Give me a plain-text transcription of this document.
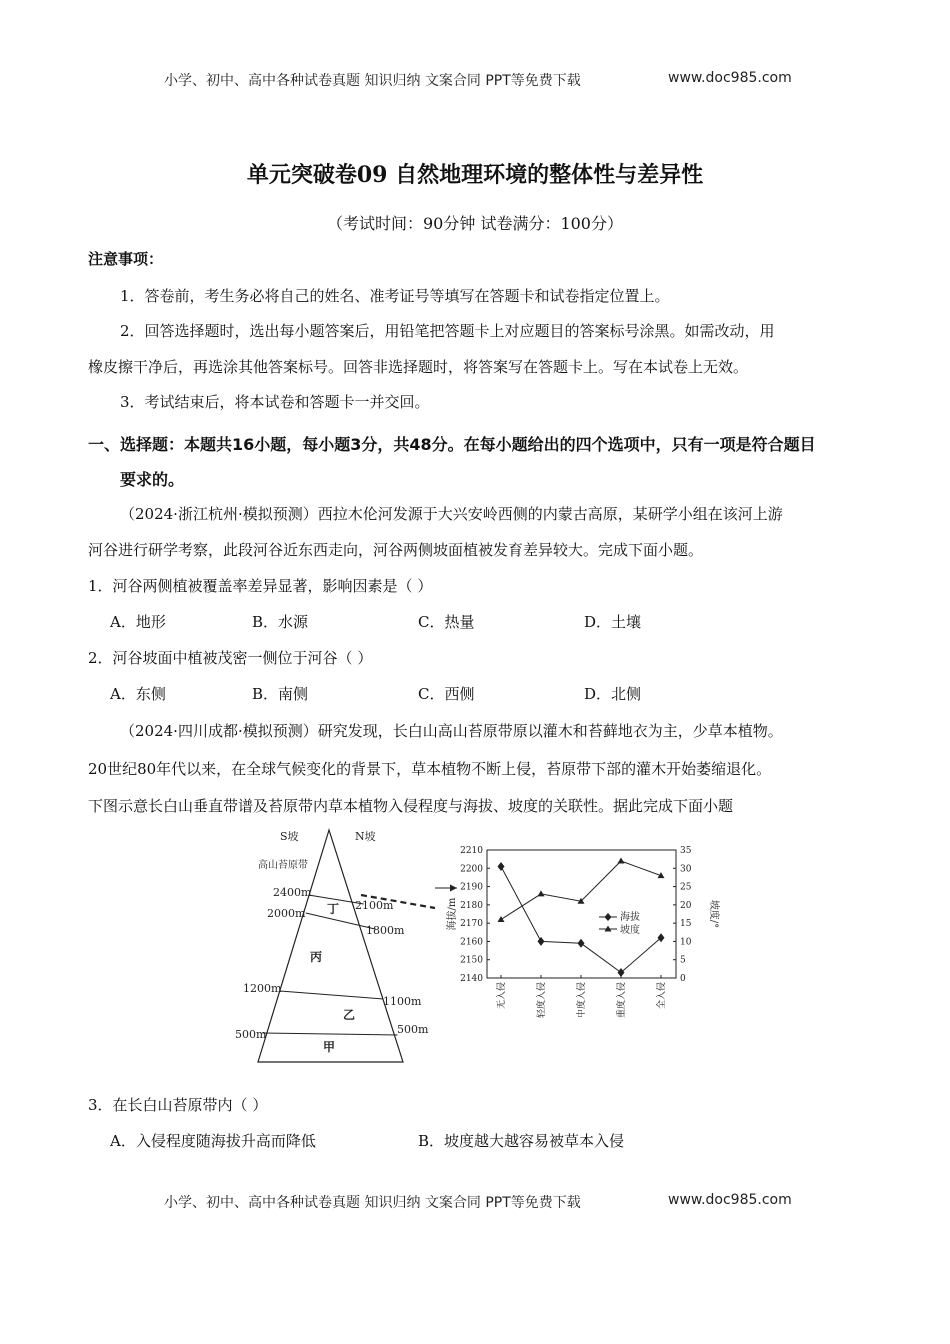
小学、初中、高中各种试卷真题 知识归纳 文案合同 PPT等免费下载	www.doc985.com
单元突破卷09 自然地理环境的整体性与差异性
（考试时间：90分钟 试卷满分：100分）
注意事项：
1．答卷前，考生务必将自己的姓名、准考证号等填写在答题卡和试卷指定位置上。
2．回答选择题时，选出每小题答案后，用铅笔把答题卡上对应题目的答案标号涂黑。如需改动，用
橡皮擦干净后，再选涂其他答案标号。回答非选择题时，将答案写在答题卡上。写在本试卷上无效。
3．考试结束后，将本试卷和答题卡一并交回。
一、选择题：本题共16小题，每小题3分，共48分。在每小题给出的四个选项中，只有一项是符合题目
要求的。
（2024·浙江杭州·模拟预测）西拉木伦河发源于大兴安岭西侧的内蒙古高原，某研学小组在该河上游
河谷进行研学考察，此段河谷近东西走向，河谷两侧坡面植被发育差异较大。完成下面小题。
1．河谷两侧植被覆盖率差异显著，影响因素是（ ）
A．地形	B．水源	C．热量	D．土壤
2．河谷坡面中植被茂密一侧位于河谷（ ）
A．东侧	B．南侧	C．西侧	D．北侧
（2024·四川成都·模拟预测）研究发现，长白山高山苔原带原以灌木和苔藓地衣为主，少草本植物。
20世纪80年代以来，在全球气候变化的背景下，草本植物不断上侵，苔原带下部的灌木开始萎缩退化。
下图示意长白山垂直带谱及苔原带内草本植物入侵程度与海拔、坡度的关联性。据此完成下面小题
S坡	N坡
高山苔原带
2400m
2000m
1200m
500m
2100m
1800m
1100m
500m
丁
丙
乙
甲
海拔/m	坡度/°
海拔
坡度
2210
2200
2190
2180
2170
2160
2150
2140
35
30
25
20
15
10
5
0
无入侵	轻度入侵	中度入侵	重度入侵	全入侵
3．在长白山苔原带内（ ）
A．入侵程度随海拔升高而降低	B．坡度越大越容易被草本入侵
小学、初中、高中各种试卷真题 知识归纳 文案合同 PPT等免费下载	www.doc985.com
